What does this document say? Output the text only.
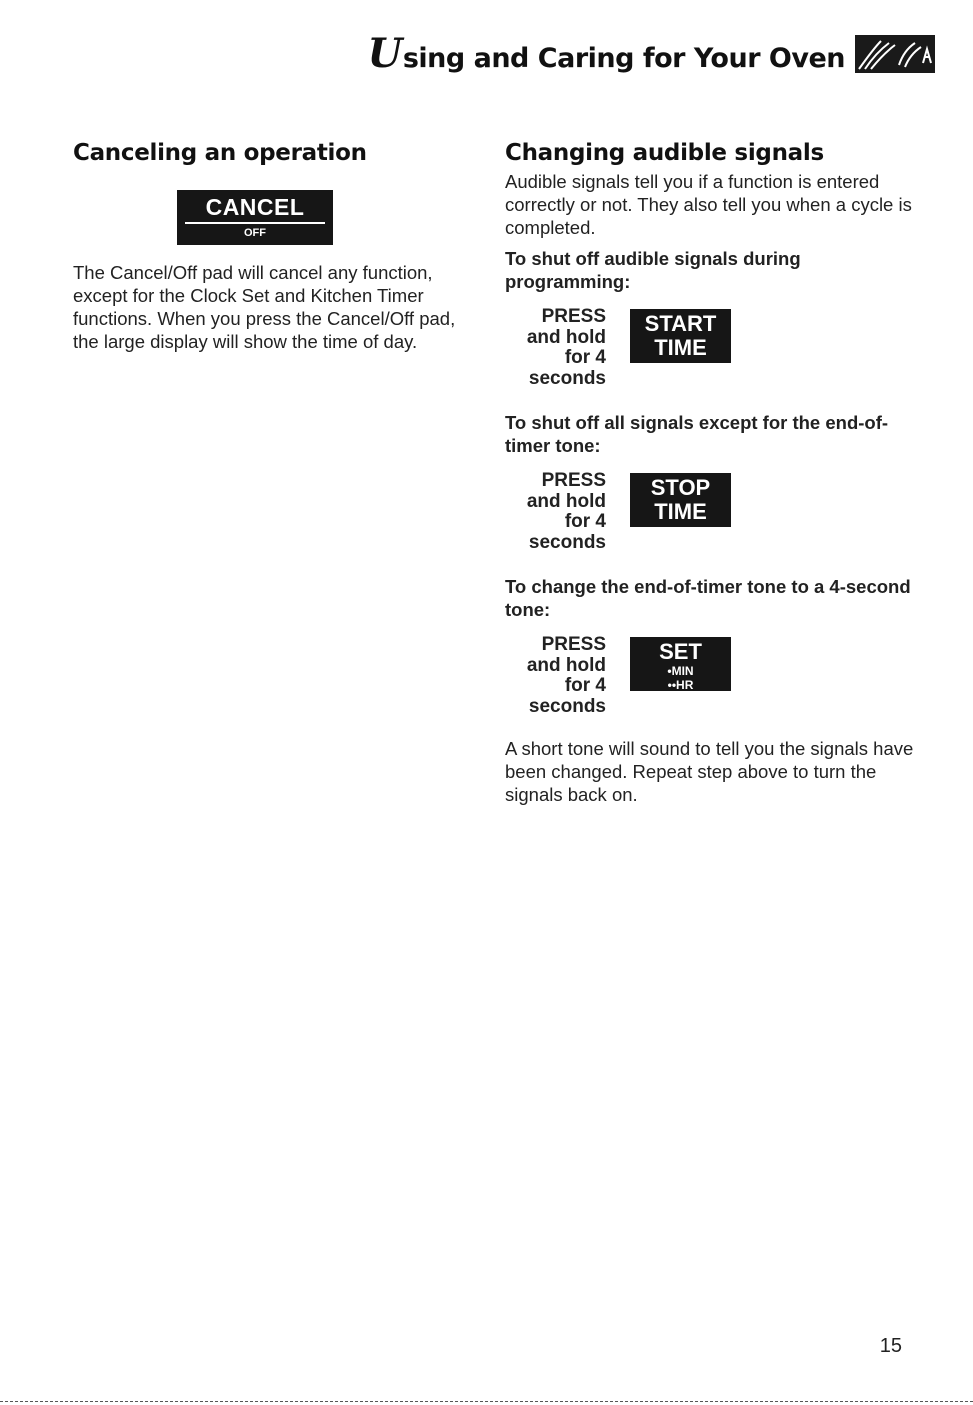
Using and Caring for Your Oven
Canceling an operation
CANCEL
OFF

The Cancel/Off pad will cancel any function, except for the Clock Set and Kitchen Timer functions. When you press the Cancel/Off pad, the large display will show the time of day.

Changing audible signals

Audible signals tell you if a function is entered correctly or not. They also tell you when a cycle is completed.

To shut off audible signals during programming:

PRESS
and hold
for 4
seconds
START
TIME

To shut off all signals except for the end-of-timer tone:

PRESS
and hold
for 4
seconds
STOP
TIME

To change the end-of-timer tone to a 4-second tone:

PRESS
and hold
for 4
seconds
SET
•MIN
••HR

A short tone will sound to tell you the signals have been changed. Repeat step above to turn the signals back on.

15
